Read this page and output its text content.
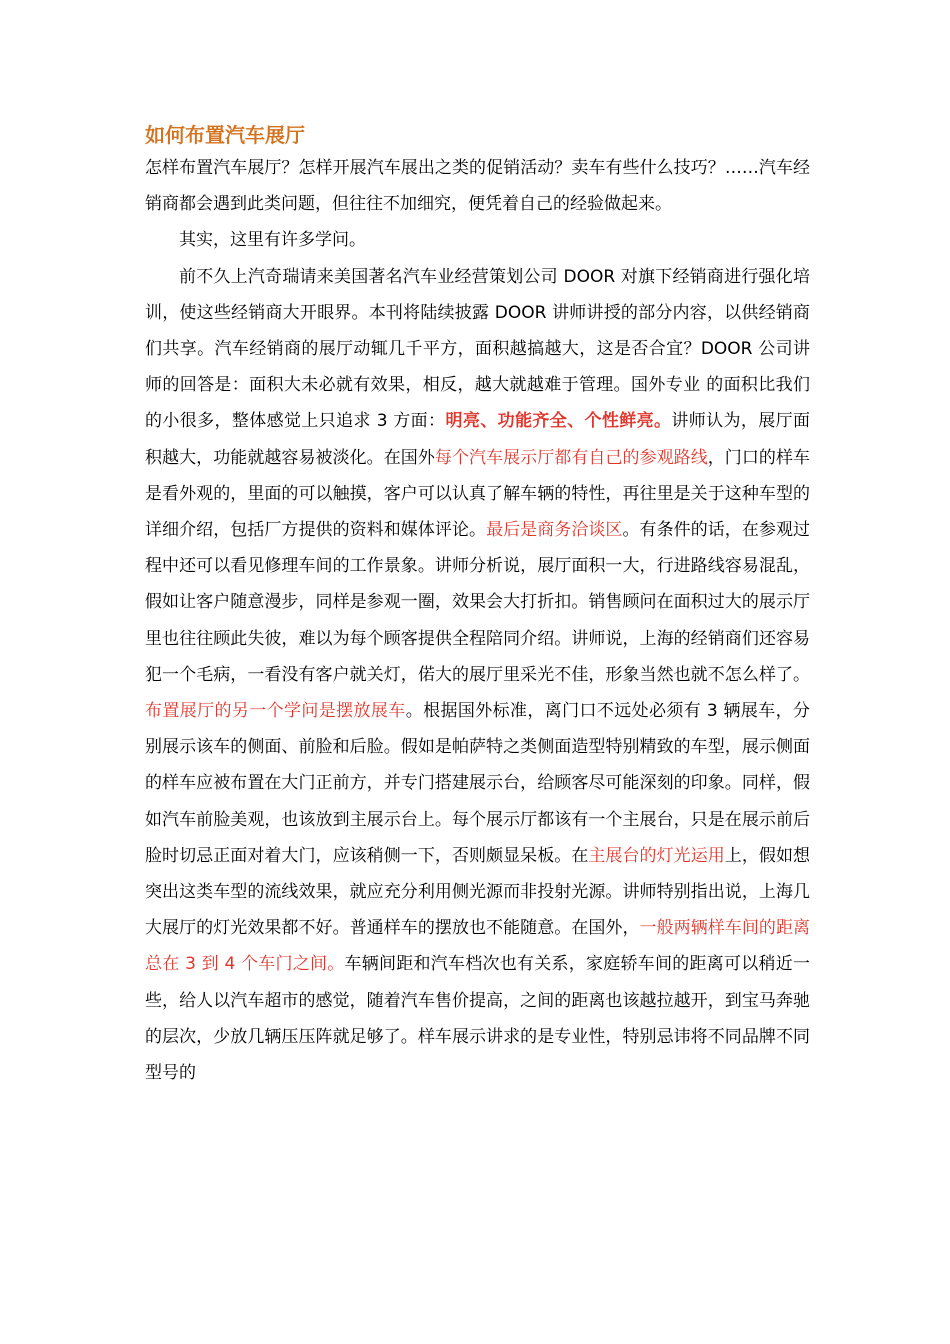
如何布置汽车展厅

怎样布置汽车展厅？怎样开展汽车展出之类的促销活动？卖车有些什么技巧？……汽车经销商都会遇到此类问题，但往往不加细究，便凭着自己的经验做起来。

其实，这里有许多学问。

前不久上汽奇瑞请来美国著名汽车业经营策划公司 DOOR 对旗下经销商进行强化培训，使这些经销商大开眼界。本刊将陆续披露 DOOR 讲师讲授的部分内容，以供经销商们共享。汽车经销商的展厅动辄几千平方，面积越搞越大，这是否合宜？DOOR 公司讲师的回答是：面积大未必就有效果，相反，越大就越难于管理。国外专业 的面积比我们的小很多，整体感觉上只追求 3 方面：明亮、功能齐全、个性鲜亮。讲师认为，展厅面积越大，功能就越容易被淡化。在国外每个汽车展示厅都有自己的参观路线，门口的样车是看外观的，里面的可以触摸，客户可以认真了解车辆的特性，再往里是关于这种车型的详细介绍，包括厂方提供的资料和媒体评论。最后是商务洽谈区。有条件的话，在参观过程中还可以看见修理车间的工作景象。讲师分析说，展厅面积一大，行进路线容易混乱，假如让客户随意漫步，同样是参观一圈，效果会大打折扣。销售顾问在面积过大的展示厅里也往往顾此失彼，难以为每个顾客提供全程陪同介绍。讲师说，上海的经销商们还容易犯一个毛病，一看没有客户就关灯，偌大的展厅里采光不佳，形象当然也就不怎么样了。布置展厅的另一个学问是摆放展车。根据国外标准，离门口不远处必须有 3 辆展车，分别展示该车的侧面、前脸和后脸。假如是帕萨特之类侧面造型特别精致的车型，展示侧面的样车应被布置在大门正前方，并专门搭建展示台，给顾客尽可能深刻的印象。同样，假如汽车前脸美观，也该放到主展示台上。每个展示厅都该有一个主展台，只是在展示前后脸时切忌正面对着大门，应该稍侧一下，否则颇显呆板。在主展台的灯光运用上，假如想突出这类车型的流线效果，就应充分利用侧光源而非投射光源。讲师特别指出说，上海几大展厅的灯光效果都不好。普通样车的摆放也不能随意。在国外，一般两辆样车间的距离总在 3 到 4 个车门之间。车辆间距和汽车档次也有关系，家庭轿车间的距离可以稍近一些，给人以汽车超市的感觉，随着汽车售价提高，之间的距离也该越拉越开，到宝马奔驰的层次，少放几辆压压阵就足够了。样车展示讲求的是专业性，特别忌讳将不同品牌不同型号的
